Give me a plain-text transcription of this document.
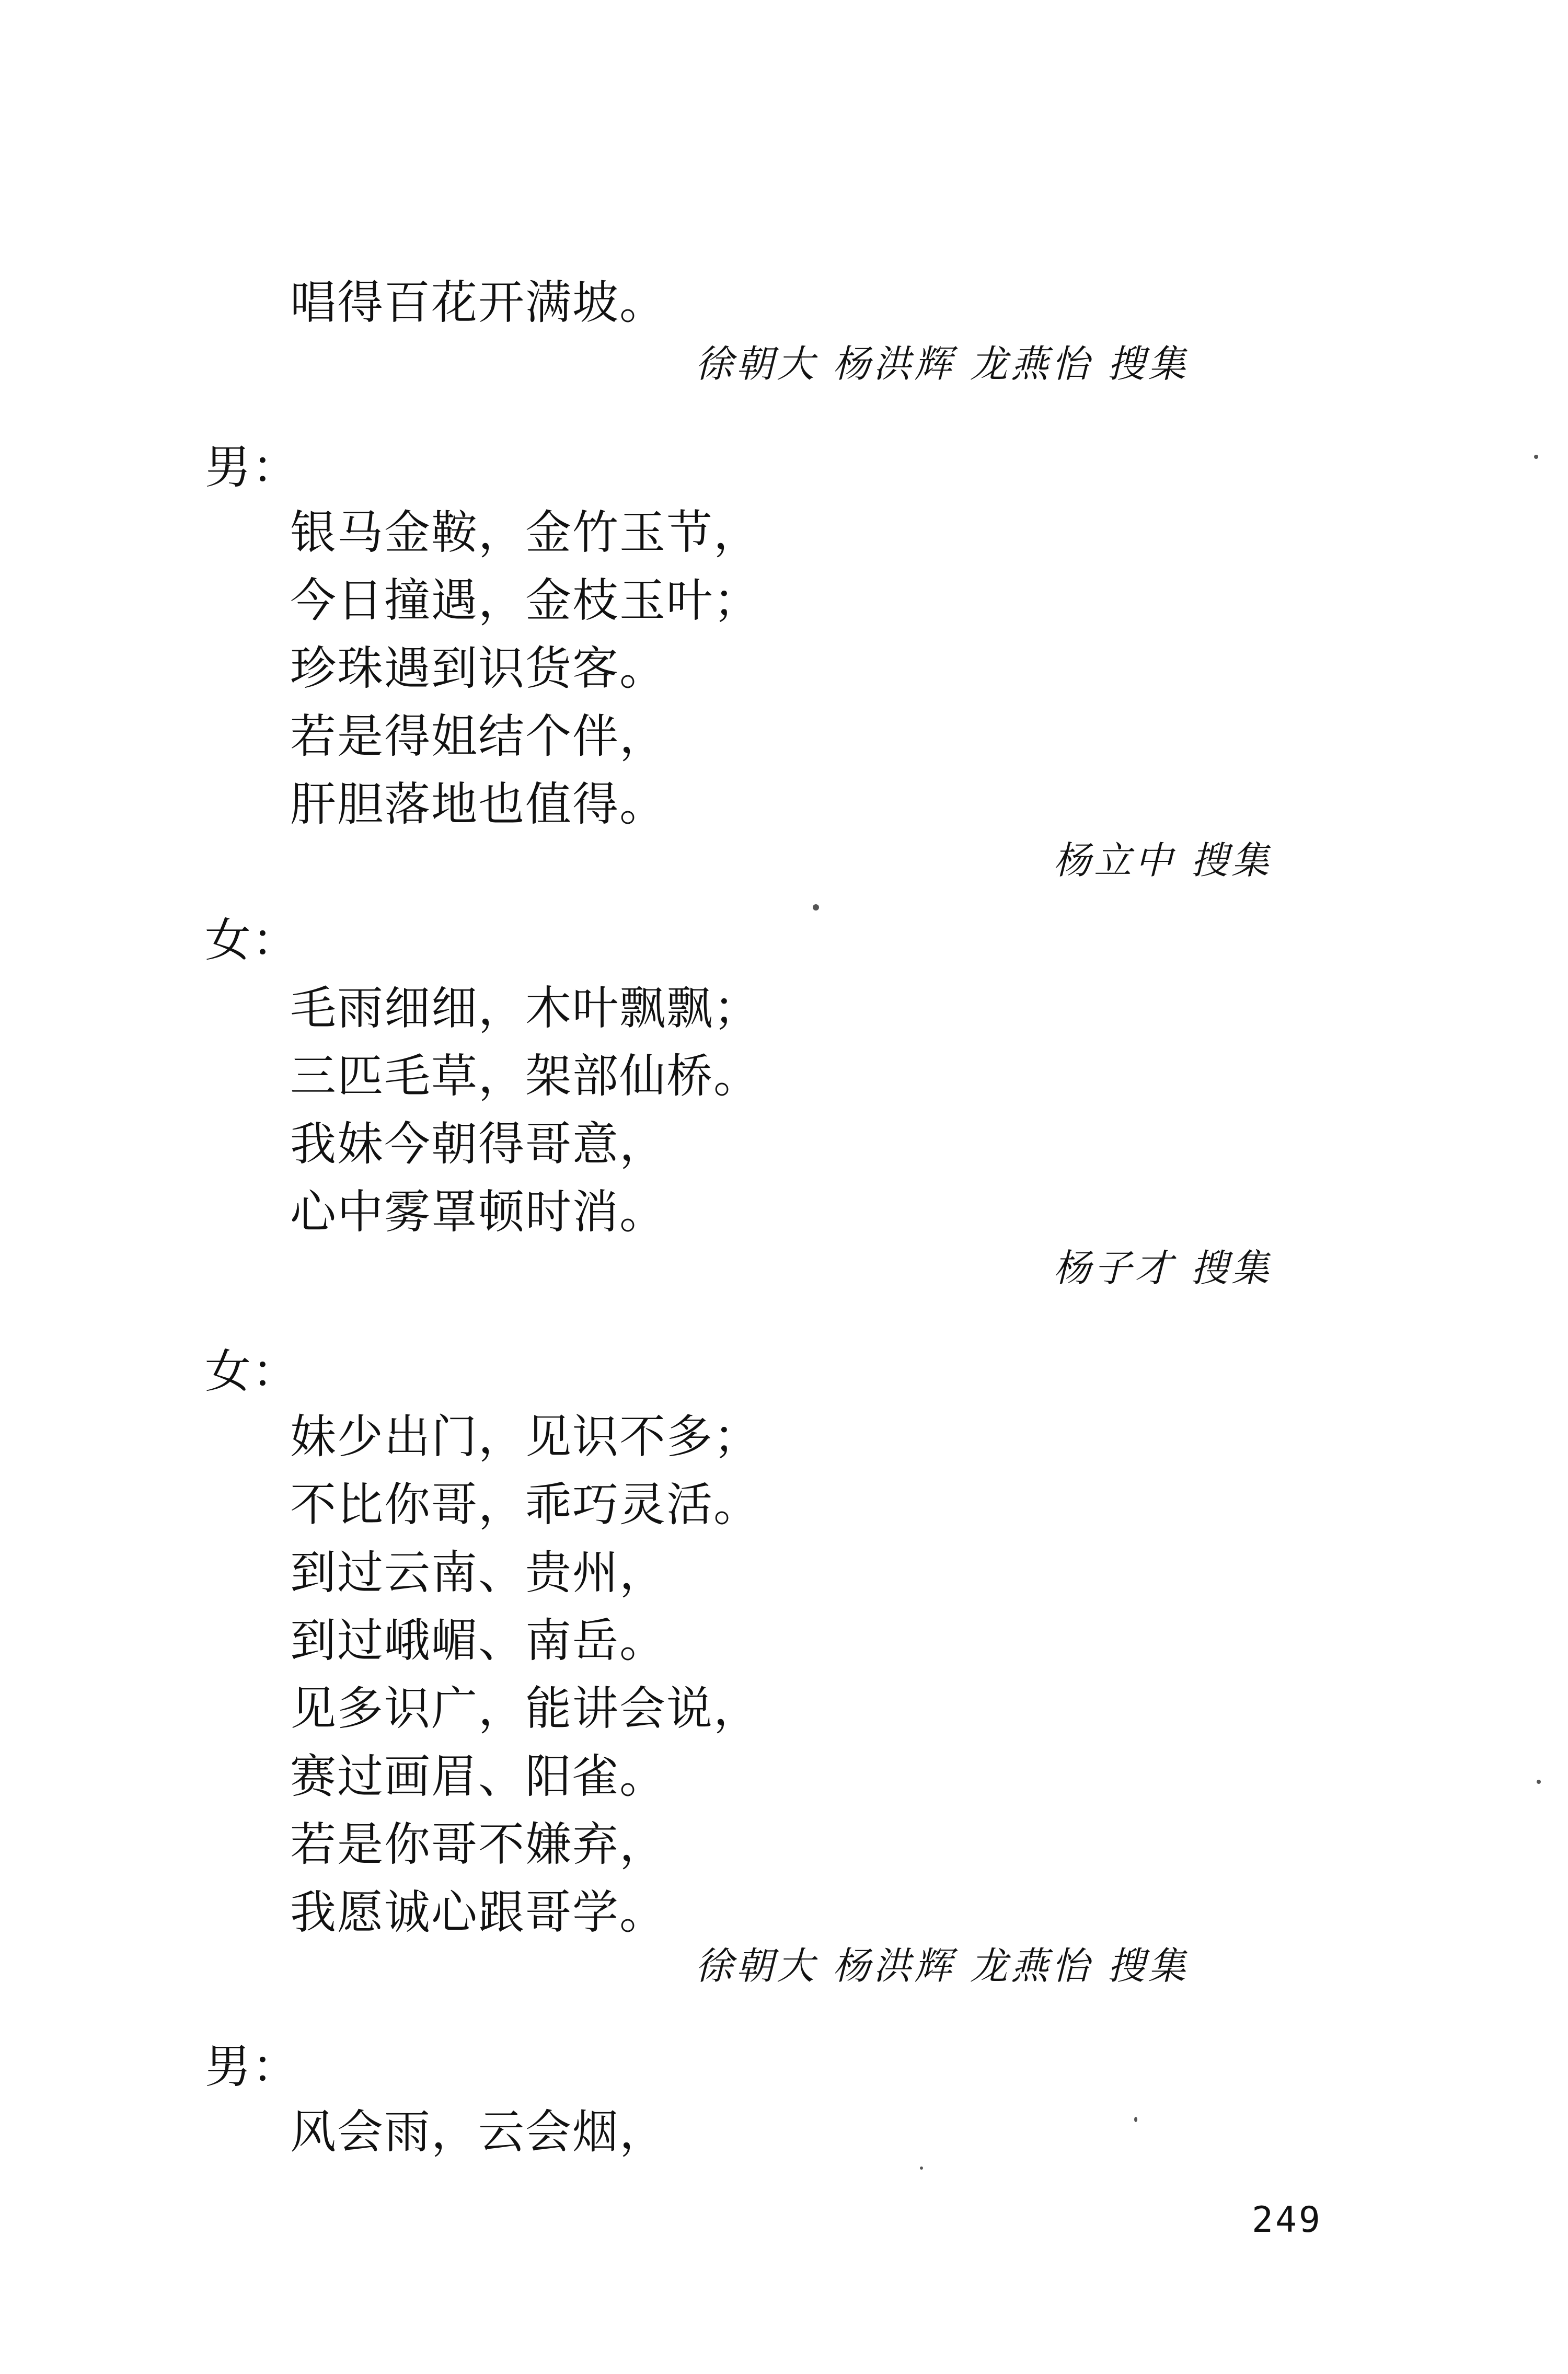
唱得百花开满坡。
徐朝大 杨洪辉 龙燕怡 搜集
男：
银马金鞍，金竹玉节，
今日撞遇，金枝玉叶；
珍珠遇到识货客。
若是得姐结个伴，
肝胆落地也值得。
杨立中 搜集
女：
毛雨细细，木叶飘飘；
三匹毛草，架部仙桥。
我妹今朝得哥意，
心中雾罩顿时消。
杨子才 搜集
女：
妹少出门，见识不多；
不比你哥，乖巧灵活。
到过云南、贵州，
到过峨嵋、南岳。
见多识广，能讲会说，
赛过画眉、阳雀。
若是你哥不嫌弃，
我愿诚心跟哥学。
徐朝大 杨洪辉 龙燕怡 搜集
男：
风会雨，云会烟，
249
